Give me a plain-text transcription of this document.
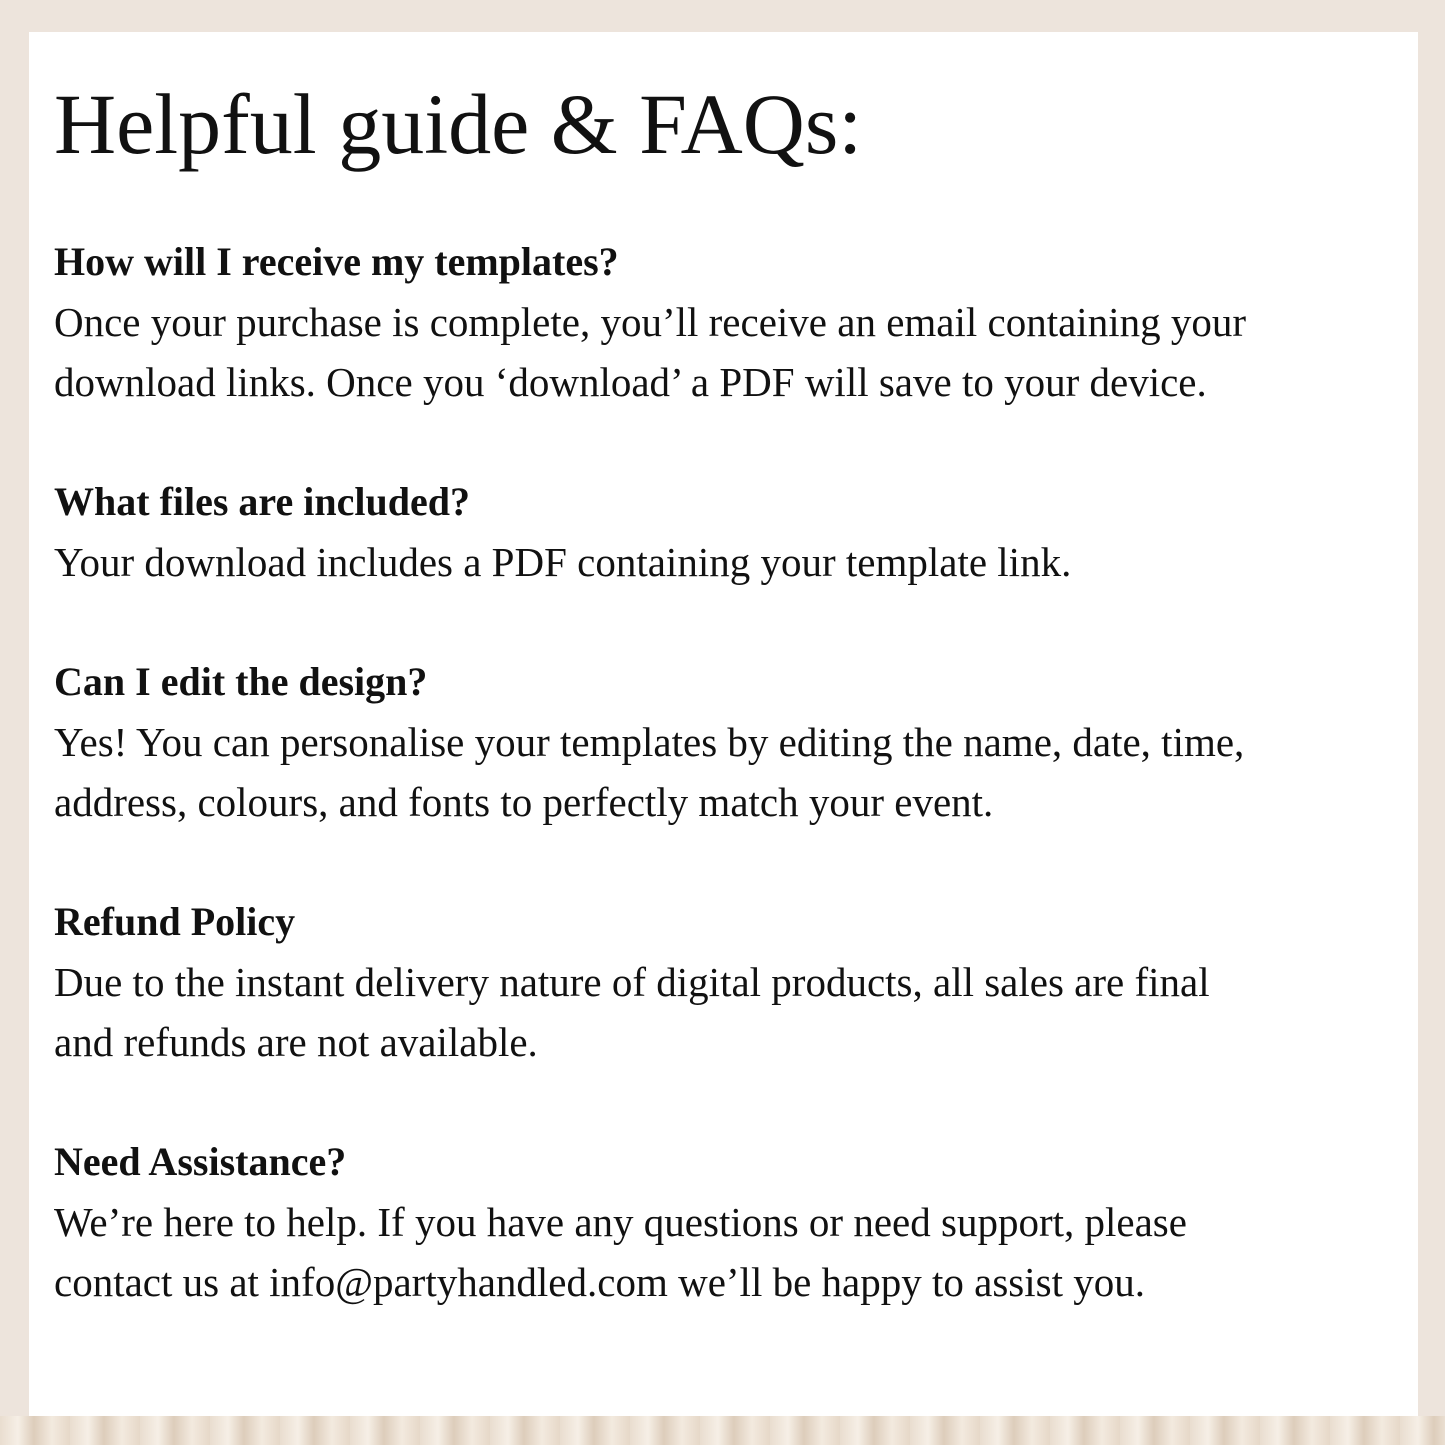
Helpful guide & FAQs:
How will I receive my templates?
Once your purchase is complete, you’ll receive an email containing your
download links. Once you ‘download’ a PDF will save to your device.
What files are included?
Your download includes a PDF containing your template link.
Can I edit the design?
Yes! You can personalise your templates by editing the name, date, time,
address, colours, and fonts to perfectly match your event.
Refund Policy
Due to the instant delivery nature of digital products, all sales are final
and refunds are not available.
Need Assistance?
We’re here to help. If you have any questions or need support, please
contact us at info@partyhandled.com we’ll be happy to assist you.
